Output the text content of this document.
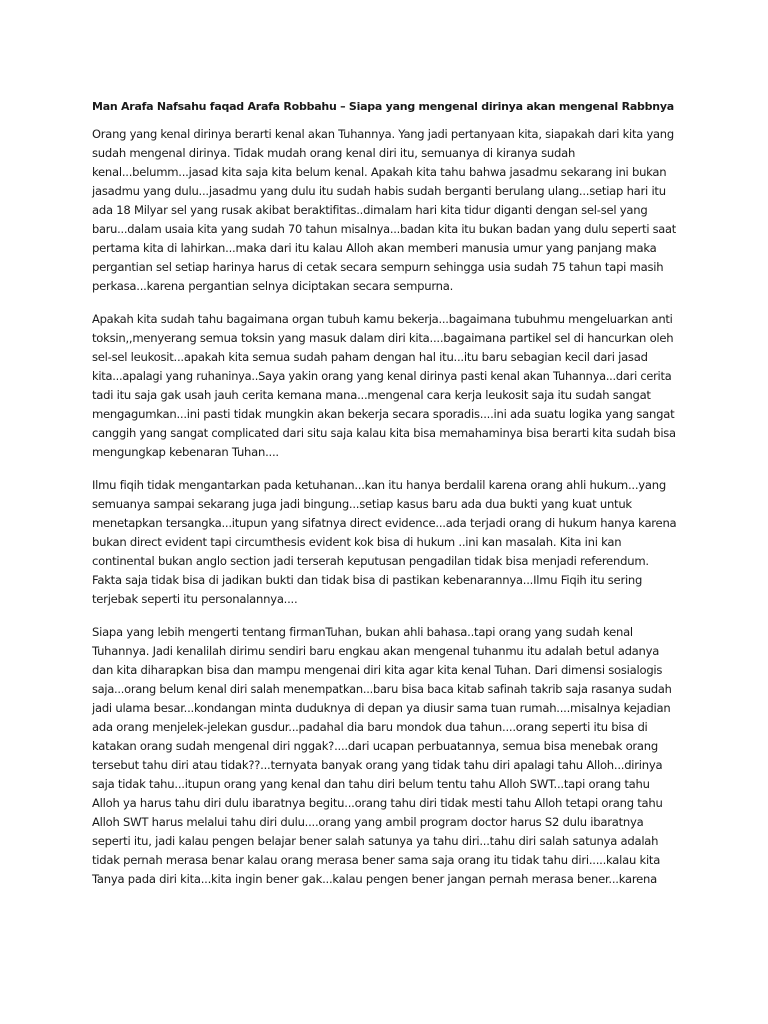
Man Arafa Nafsahu faqad Arafa Robbahu – Siapa yang mengenal dirinya akan mengenal Rabbnya

Orang yang kenal dirinya berarti kenal akan Tuhannya. Yang jadi pertanyaan kita, siapakah dari kita yang
sudah mengenal dirinya. Tidak mudah orang kenal diri itu, semuanya di kiranya sudah
kenal...belumm...jasad kita saja kita belum kenal. Apakah kita tahu bahwa jasadmu sekarang ini bukan
jasadmu yang dulu...jasadmu yang dulu itu sudah habis sudah berganti berulang ulang...setiap hari itu
ada 18 Milyar sel yang rusak akibat beraktifitas..dimalam hari kita tidur diganti dengan sel-sel yang
baru...dalam usaia kita yang sudah 70 tahun misalnya...badan kita itu bukan badan yang dulu seperti saat
pertama kita di lahirkan...maka dari itu kalau Alloh akan memberi manusia umur yang panjang maka
pergantian sel setiap harinya harus di cetak secara sempurn sehingga usia sudah 75 tahun tapi masih
perkasa...karena pergantian selnya diciptakan secara sempurna.

Apakah kita sudah tahu bagaimana organ tubuh kamu bekerja...bagaimana tubuhmu mengeluarkan anti
toksin,,menyerang semua toksin yang masuk dalam diri kita....bagaimana partikel sel di hancurkan oleh
sel-sel leukosit...apakah kita semua sudah paham dengan hal itu...itu baru sebagian kecil dari jasad
kita...apalagi yang ruhaninya..Saya yakin orang yang kenal dirinya pasti kenal akan Tuhannya...dari cerita
tadi itu saja gak usah jauh cerita kemana mana...mengenal cara kerja leukosit saja itu sudah sangat
mengagumkan...ini pasti tidak mungkin akan bekerja secara sporadis....ini ada suatu logika yang sangat
canggih yang sangat complicated dari situ saja kalau kita bisa memahaminya bisa berarti kita sudah bisa
mengungkap kebenaran Tuhan....

Ilmu fiqih tidak mengantarkan pada ketuhanan...kan itu hanya berdalil karena orang ahli hukum...yang
semuanya sampai sekarang juga jadi bingung...setiap kasus baru ada dua bukti yang kuat untuk
menetapkan tersangka...itupun yang sifatnya direct evidence...ada terjadi orang di hukum hanya karena
bukan direct evident tapi circumthesis evident kok bisa di hukum ..ini kan masalah. Kita ini kan
continental bukan anglo section jadi terserah keputusan pengadilan tidak bisa menjadi referendum.
Fakta saja tidak bisa di jadikan bukti dan tidak bisa di pastikan kebenarannya...Ilmu Fiqih itu sering
terjebak seperti itu personalannya....

Siapa yang lebih mengerti tentang firmanTuhan, bukan ahli bahasa..tapi orang yang sudah kenal
Tuhannya. Jadi kenalilah dirimu sendiri baru engkau akan mengenal tuhanmu itu adalah betul adanya
dan kita diharapkan bisa dan mampu mengenai diri kita agar kita kenal Tuhan. Dari dimensi sosialogis
saja...orang belum kenal diri salah menempatkan...baru bisa baca kitab safinah takrib saja rasanya sudah
jadi ulama besar...kondangan minta duduknya di depan ya diusir sama tuan rumah....misalnya kejadian
ada orang menjelek-jelekan gusdur...padahal dia baru mondok dua tahun....orang seperti itu bisa di
katakan orang sudah mengenal diri nggak?....dari ucapan perbuatannya, semua bisa menebak orang
tersebut tahu diri atau tidak??...ternyata banyak orang yang tidak tahu diri apalagi tahu Alloh...dirinya
saja tidak tahu...itupun orang yang kenal dan tahu diri belum tentu tahu Alloh SWT...tapi orang tahu
Alloh ya harus tahu diri dulu ibaratnya begitu...orang tahu diri tidak mesti tahu Alloh tetapi orang tahu
Alloh SWT harus melalui tahu diri dulu....orang yang ambil program doctor harus S2 dulu ibaratnya
seperti itu, jadi kalau pengen belajar bener salah satunya ya tahu diri...tahu diri salah satunya adalah
tidak pernah merasa benar kalau orang merasa bener sama saja orang itu tidak tahu diri.....kalau kita
Tanya pada diri kita...kita ingin bener gak...kalau pengen bener jangan pernah merasa bener...karena
